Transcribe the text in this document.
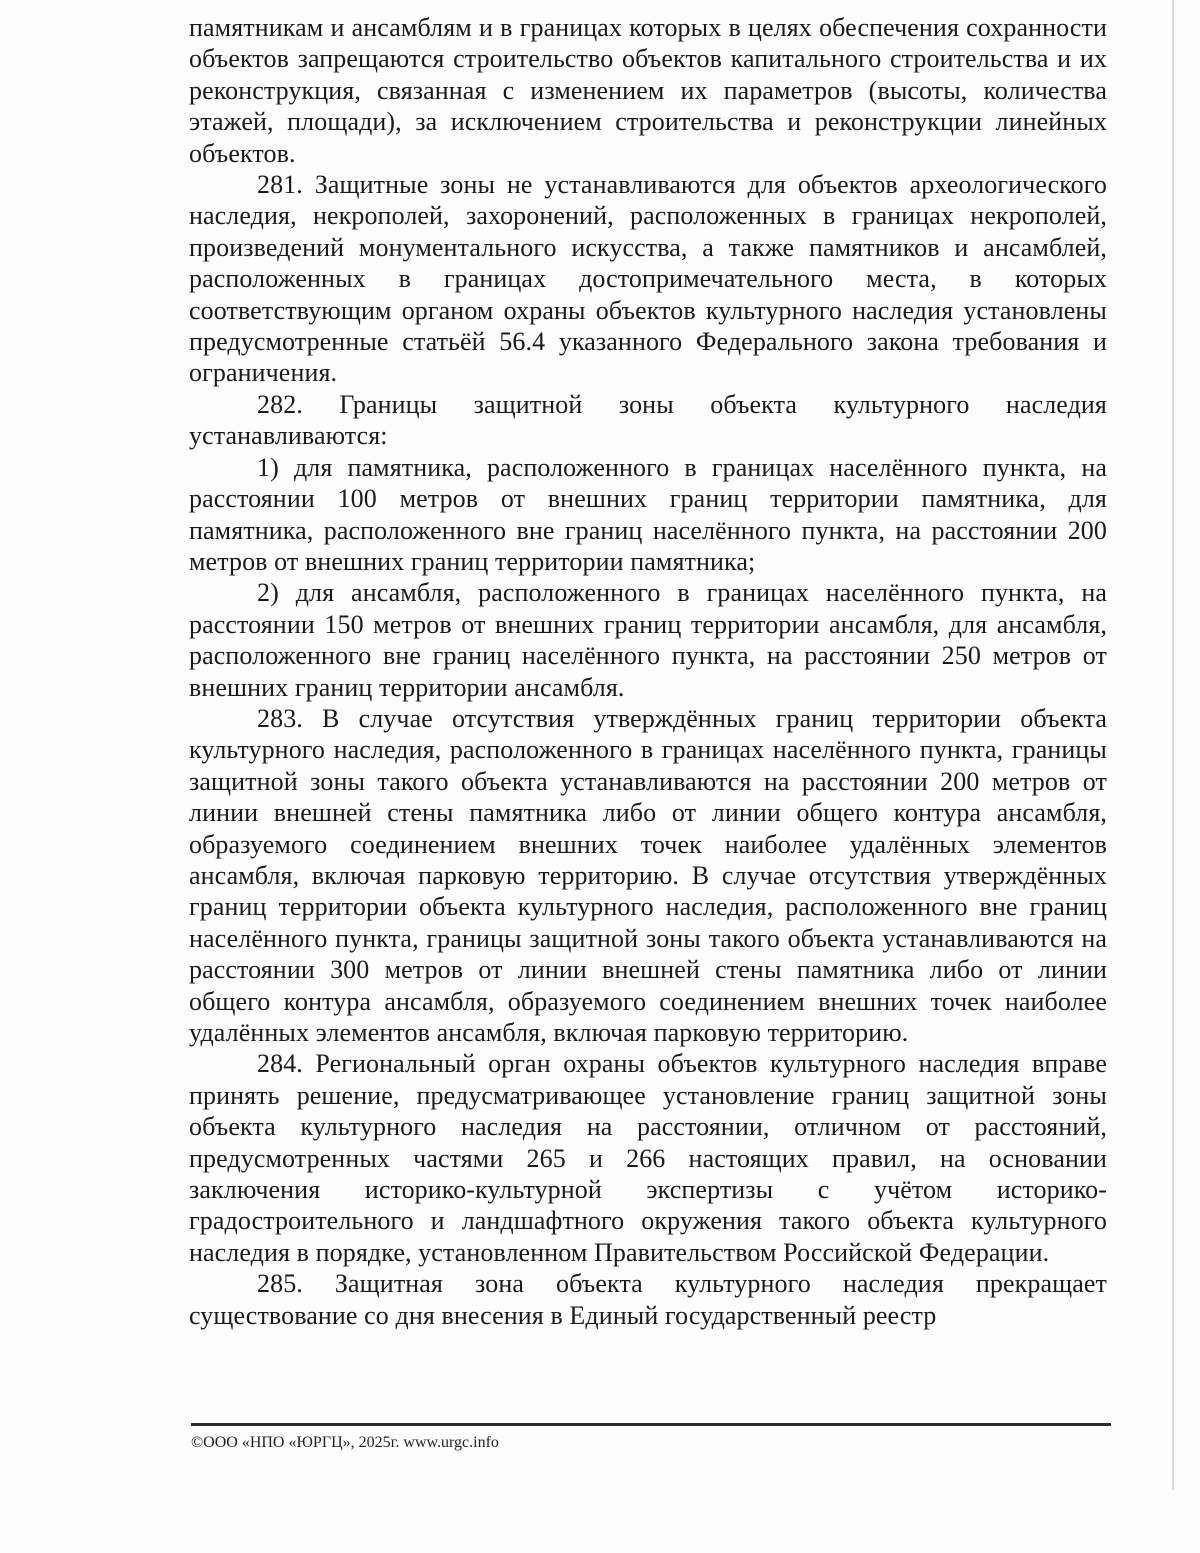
памятникам и ансамблям и в границах которых в целях обеспечения сохранности объектов запрещаются строительство объектов капитального строительства и их реконструкция, связанная с изменением их параметров (высоты, количества этажей, площади), за исключением строительства и реконструкции линейных объектов.

281. Защитные зоны не устанавливаются для объектов археологического наследия, некрополей, захоронений, расположенных в границах некрополей, произведений монументального искусства, а также памятников и ансамблей, расположенных в границах достопримечательного места, в которых соответствующим органом охраны объектов культурного наследия установлены предусмотренные статьёй 56.4 указанного Федерального закона требования и ограничения.

282. Границы защитной зоны объекта культурного наследия устанавливаются:

1) для памятника, расположенного в границах населённого пункта, на расстоянии 100 метров от внешних границ территории памятника, для памятника, расположенного вне границ населённого пункта, на расстоянии 200 метров от внешних границ территории памятника;

2) для ансамбля, расположенного в границах населённого пункта, на расстоянии 150 метров от внешних границ территории ансамбля, для ансамбля, расположенного вне границ населённого пункта, на расстоянии 250 метров от внешних границ территории ансамбля.

283. В случае отсутствия утверждённых границ территории объекта культурного наследия, расположенного в границах населённого пункта, границы защитной зоны такого объекта устанавливаются на расстоянии 200 метров от линии внешней стены памятника либо от линии общего контура ансамбля, образуемого соединением внешних точек наиболее удалённых элементов ансамбля, включая парковую территорию. В случае отсутствия утверждённых границ территории объекта культурного наследия, расположенного вне границ населённого пункта, границы защитной зоны такого объекта устанавливаются на расстоянии 300 метров от линии внешней стены памятника либо от линии общего контура ансамбля, образуемого соединением внешних точек наиболее удалённых элементов ансамбля, включая парковую территорию.

284. Региональный орган охраны объектов культурного наследия вправе принять решение, предусматривающее установление границ защитной зоны объекта культурного наследия на расстоянии, отличном от расстояний, предусмотренных частями 265 и 266 настоящих правил, на основании заключения историко-культурной экспертизы с учётом историко-градостроительного и ландшафтного окружения такого объекта культурного наследия в порядке, установленном Правительством Российской Федерации.

285. Защитная зона объекта культурного наследия прекращает существование со дня внесения в Единый государственный реестр

©ООО «НПО «ЮРГЦ», 2025г. www.urgc.info
